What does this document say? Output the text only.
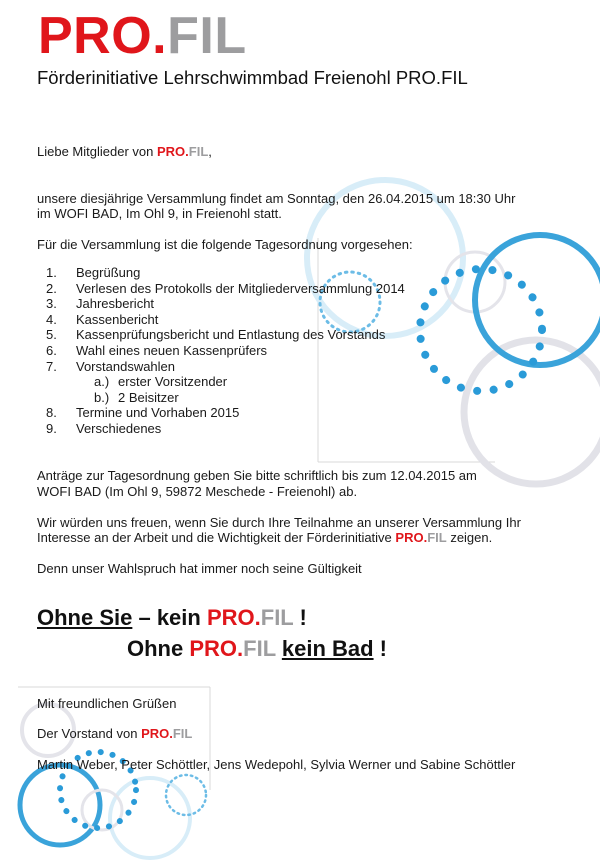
PRO.FIL
Förderinitiative Lehrschwimmbad Freienohl PRO.FIL
Liebe Mitglieder von PRO.FIL,
unsere diesjährige Versammlung findet am Sonntag, den 26.04.2015 um 18:30 Uhr
im WOFI BAD, Im Ohl 9, in Freienohl statt.
Für die Versammlung ist die folgende Tagesordnung vorgesehen:
1.	Begrüßung
2.	Verlesen des Protokolls der Mitgliederversammlung 2014
3.	Jahresbericht
4.	Kassenbericht
5.	Kassenprüfungsbericht und Entlastung des Vorstands
6.	Wahl eines neuen Kassenprüfers
7.	Vorstandswahlen
a.) erster Vorsitzender
b.) 2 Beisitzer
8.	Termine und Vorhaben 2015
9.	Verschiedenes
Anträge zur Tagesordnung geben Sie bitte schriftlich bis zum 12.04.2015 am
WOFI BAD (Im Ohl 9, 59872 Meschede - Freienohl) ab.
Wir würden uns freuen, wenn Sie durch Ihre Teilnahme an unserer Versammlung Ihr
Interesse an der Arbeit und die Wichtigkeit der Förderinitiative PRO.FIL zeigen.
Denn unser Wahlspruch hat immer noch seine Gültigkeit
Ohne Sie – kein PRO.FIL !
Ohne PRO.FIL kein Bad !
Mit freundlichen Grüßen
Der Vorstand von PRO.FIL
Martin Weber, Peter Schöttler, Jens Wedepohl, Sylvia Werner und Sabine Schöttler
